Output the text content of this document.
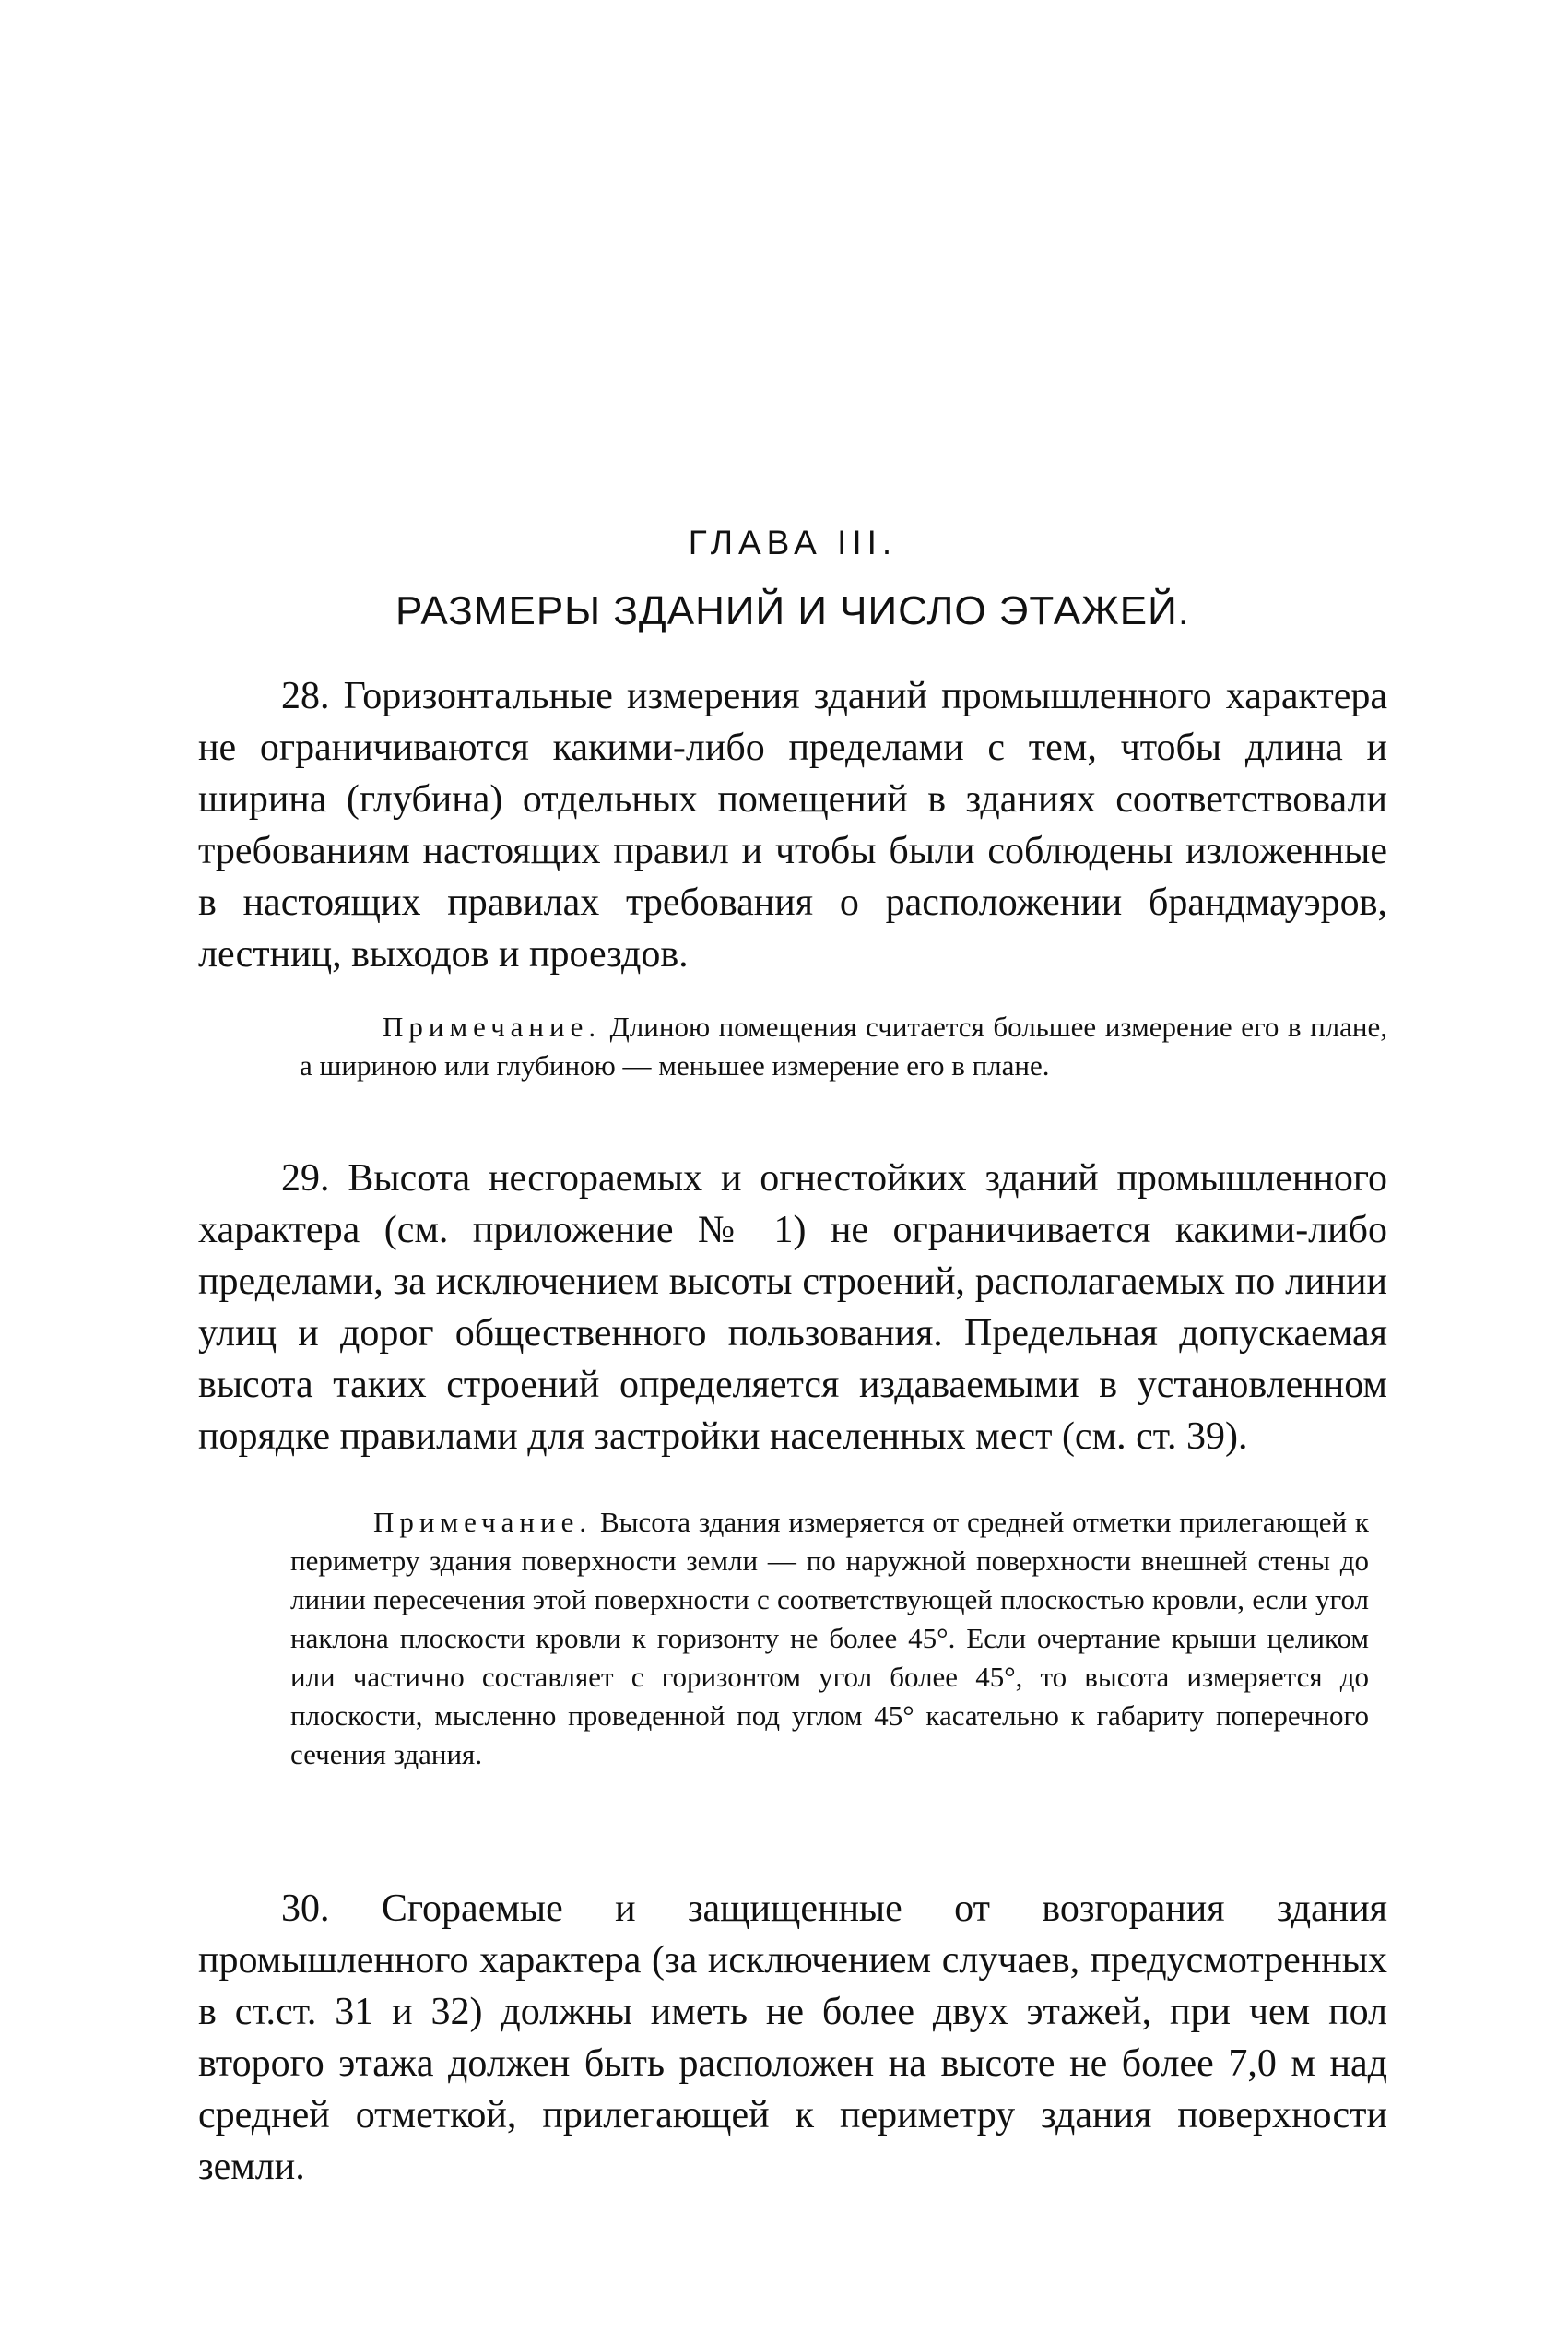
ГЛАВА III.
РАЗМЕРЫ ЗДАНИЙ И ЧИСЛО ЭТАЖЕЙ.
28. Горизонтальные измерения зданий промышленного характера не ограничиваются какими-либо пределами с тем, чтобы длина и ширина (глубина) отдельных помещений в зданиях соответствовали требованиям настоящих правил и чтобы были соблюдены изложенные в настоящих правилах требования о расположении брандмауэров, лестниц, выходов и проездов.
Примечание. Длиною помещения считается большее измерение его в плане, а шириною или глубиною — меньшее измерение его в плане.
29. Высота несгораемых и огнестойких зданий промышленного характера (см. приложение № 1) не ограничивается какими-либо пределами, за исключением высоты строений, располагаемых по линии улиц и дорог общественного пользования. Предельная допускаемая высота таких строений определяется издаваемыми в установленном порядке правилами для застройки населенных мест (см. ст. 39).
Примечание. Высота здания измеряется от средней отметки прилегающей к периметру здания поверхности земли — по наружной поверхности внешней стены до линии пересечения этой поверхности с соответствующей плоскостью кровли, если угол наклона плоскости кровли к горизонту не более 45°. Если очертание крыши целиком или частично составляет с горизонтом угол более 45°, то высота измеряется до плоскости, мысленно проведенной под углом 45° касательно к габариту поперечного сечения здания.
30. Сгораемые и защищенные от возгорания здания промышленного характера (за исключением случаев, предусмотренных в ст.ст. 31 и 32) должны иметь не более двух этажей, при чем пол второго этажа должен быть расположен на высоте не более 7,0 м над средней отметкой, прилегающей к периметру здания поверхности земли.
